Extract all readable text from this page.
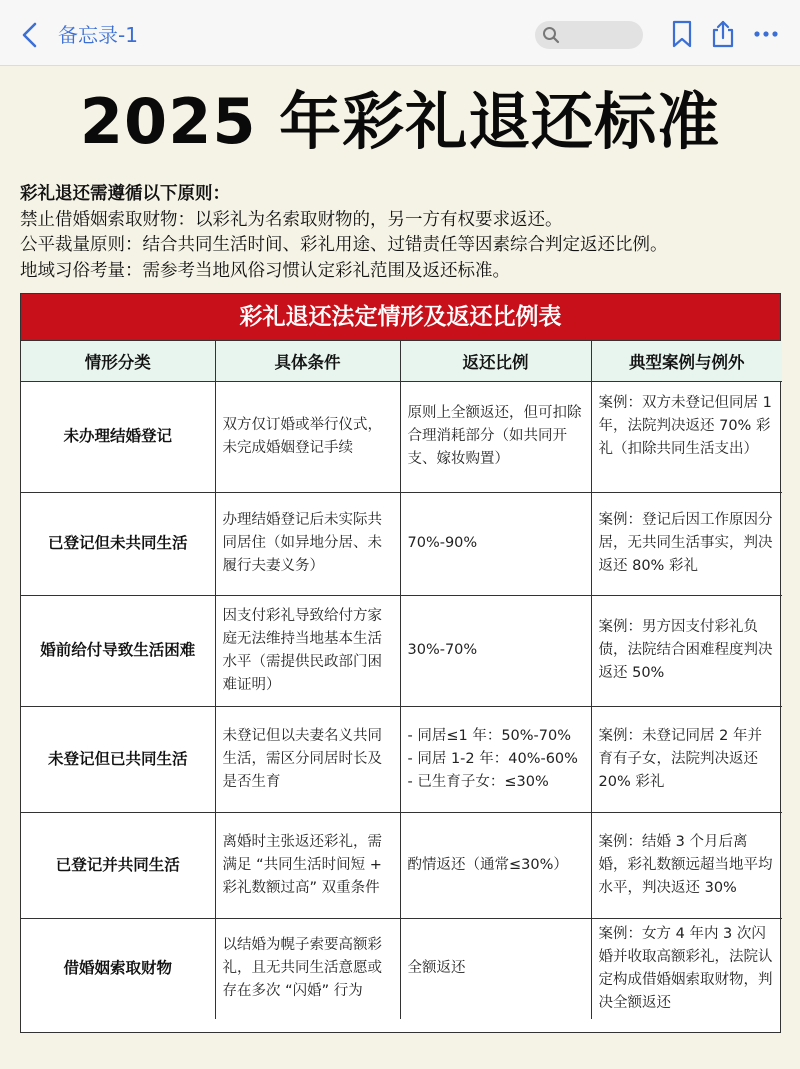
备忘录-1
2025 年彩礼退还标准
彩礼退还需遵循以下原则：
禁止借婚姻索取财物：以彩礼为名索取财物的，另一方有权要求返还。
公平裁量原则：结合共同生活时间、彩礼用途、过错责任等因素综合判定返还比例。
地域习俗考量：需参考当地风俗习惯认定彩礼范围及返还标准。
彩礼退还法定情形及返还比例表
情形分类	具体条件	返还比例	典型案例与例外
未办理结婚登记	双方仅订婚或举行仪式，未完成婚姻登记手续	原则上全额返还，但可扣除合理消耗部分（如共同开支、嫁妆购置）	案例：双方未登记但同居 1 年，法院判决返还 70% 彩礼（扣除共同生活支出）
已登记但未共同生活	办理结婚登记后未实际共同居住（如异地分居、未履行夫妻义务）	70%-90%	案例：登记后因工作原因分居，无共同生活事实，判决返还 80% 彩礼
婚前给付导致生活困难	因支付彩礼导致给付方家庭无法维持当地基本生活水平（需提供民政部门困难证明）	30%-70%	案例：男方因支付彩礼负债，法院结合困难程度判决返还 50%
未登记但已共同生活	未登记但以夫妻名义共同生活，需区分同居时长及是否生育	- 同居≤1 年：50%-70%
- 同居 1-2 年：40%-60%
- 已生育子女：≤30%	案例：未登记同居 2 年并育有子女，法院判决返还 20% 彩礼
已登记并共同生活	离婚时主张返还彩礼，需满足 “共同生活时间短 + 彩礼数额过高” 双重条件	酌情返还（通常≤30%）	案例：结婚 3 个月后离婚，彩礼数额远超当地平均水平，判决返还 30%
借婚姻索取财物	以结婚为幌子索要高额彩礼，且无共同生活意愿或存在多次 “闪婚” 行为	全额返还	案例：女方 4 年内 3 次闪婚并收取高额彩礼，法院认定构成借婚姻索取财物，判决全额返还
